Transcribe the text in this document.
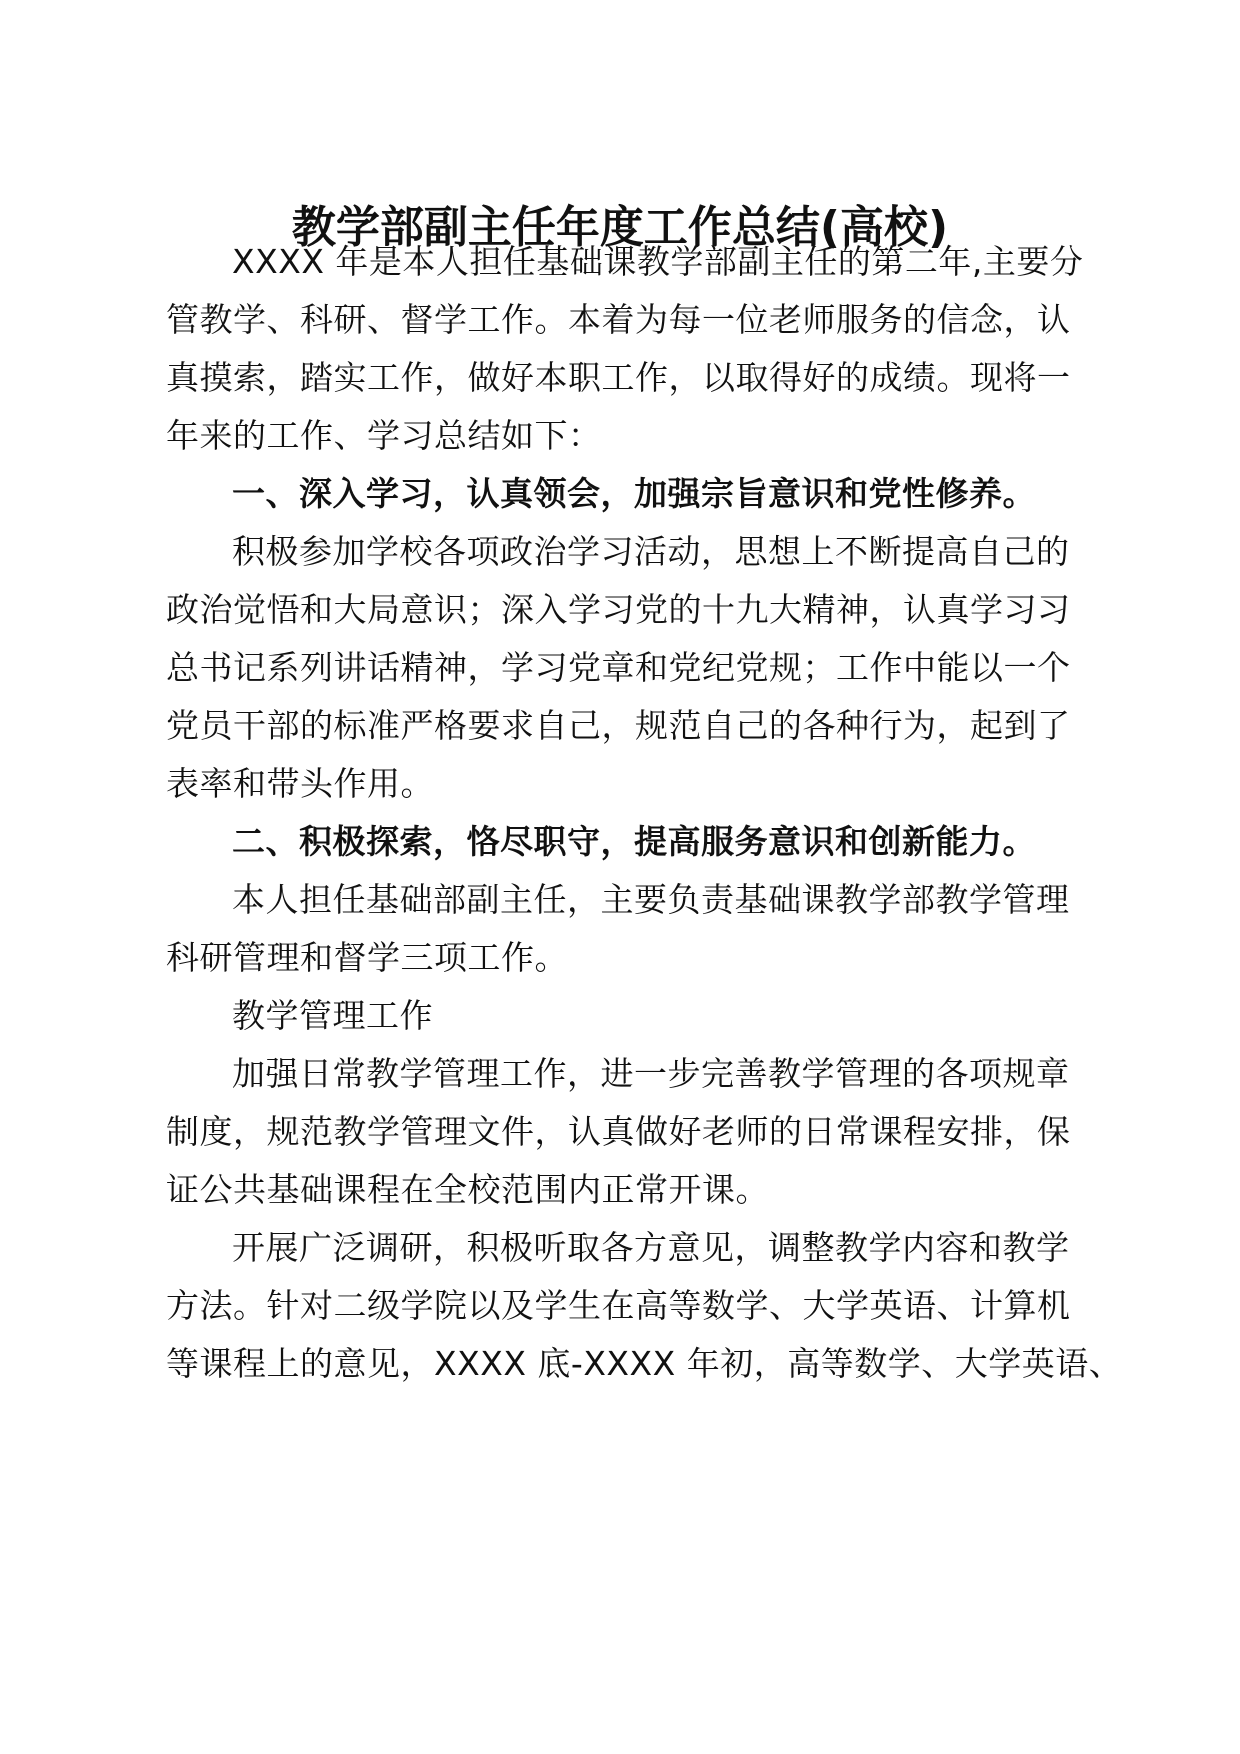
教学部副主任年度工作总结(高校)
XXXX 年是本人担任基础课教学部副主任的第二年,主要分
管教学、科研、督学工作。本着为每一位老师服务的信念，认
真摸索，踏实工作，做好本职工作，以取得好的成绩。现将一
年来的工作、学习总结如下：
一、深入学习，认真领会，加强宗旨意识和党性修养。
积极参加学校各项政治学习活动，思想上不断提高自己的
政治觉悟和大局意识；深入学习党的十九大精神，认真学习习
总书记系列讲话精神，学习党章和党纪党规；工作中能以一个
党员干部的标准严格要求自己，规范自己的各种行为，起到了
表率和带头作用。
二、积极探索，恪尽职守，提高服务意识和创新能力。
本人担任基础部副主任，主要负责基础课教学部教学管理
科研管理和督学三项工作。
教学管理工作
加强日常教学管理工作，进一步完善教学管理的各项规章
制度，规范教学管理文件，认真做好老师的日常课程安排，保
证公共基础课程在全校范围内正常开课。
开展广泛调研，积极听取各方意见，调整教学内容和教学
方法。针对二级学院以及学生在高等数学、大学英语、计算机
等课程上的意见，XXXX 底-XXXX 年初，高等数学、大学英语、
